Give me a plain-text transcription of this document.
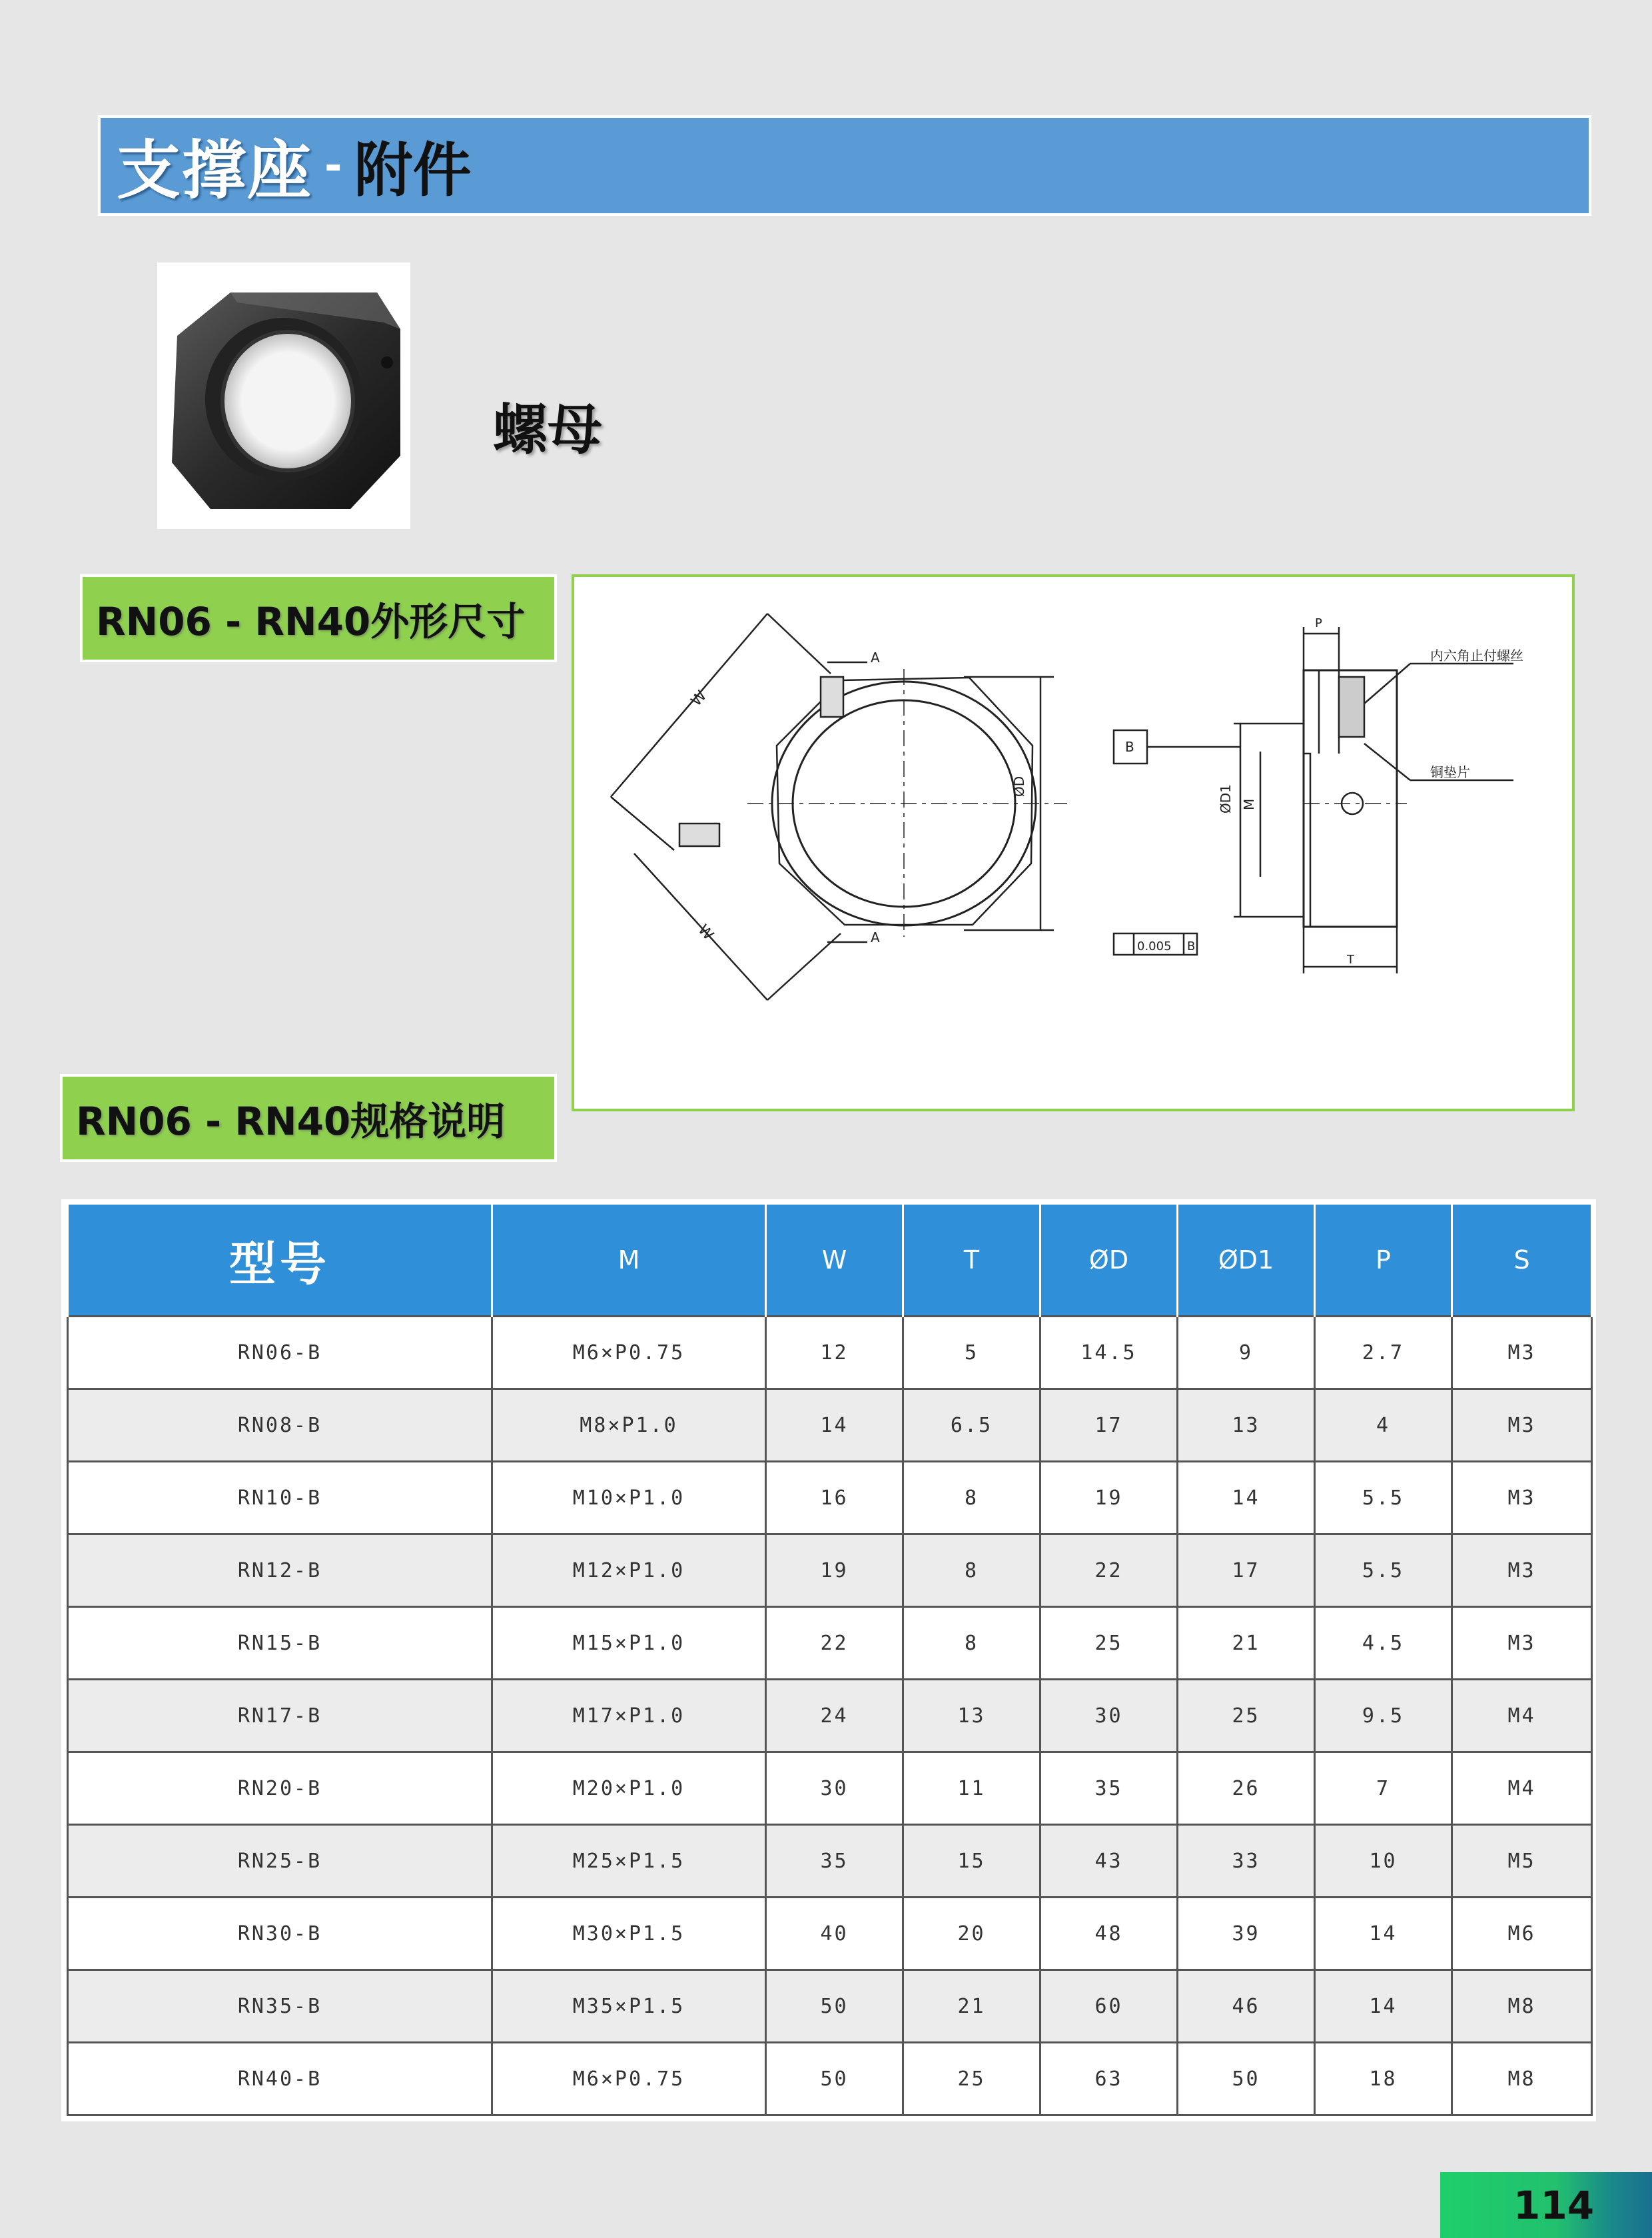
支撑座 - 附件
螺母
RN06 - RN40外形尺寸
RN06 - RN40规格说明
W
W
A
A
ØD	ØD1 M
P
T
B
0.005 B
内六角止付螺丝
铜垫片
型号	M	W	T	ØD	ØD1	P	S
RN06-B	M6×P0.75	12	5	14.5	9	2.7	M3
RN08-B	M8×P1.0	14	6.5	17	13	4	M3
RN10-B	M10×P1.0	16	8	19	14	5.5	M3
RN12-B	M12×P1.0	19	8	22	17	5.5	M3
RN15-B	M15×P1.0	22	8	25	21	4.5	M3
RN17-B	M17×P1.0	24	13	30	25	9.5	M4
RN20-B	M20×P1.0	30	11	35	26	7	M4
RN25-B	M25×P1.5	35	15	43	33	10	M5
RN30-B	M30×P1.5	40	20	48	39	14	M6
RN35-B	M35×P1.5	50	21	60	46	14	M8
RN40-B	M6×P0.75	50	25	63	50	18	M8
114
